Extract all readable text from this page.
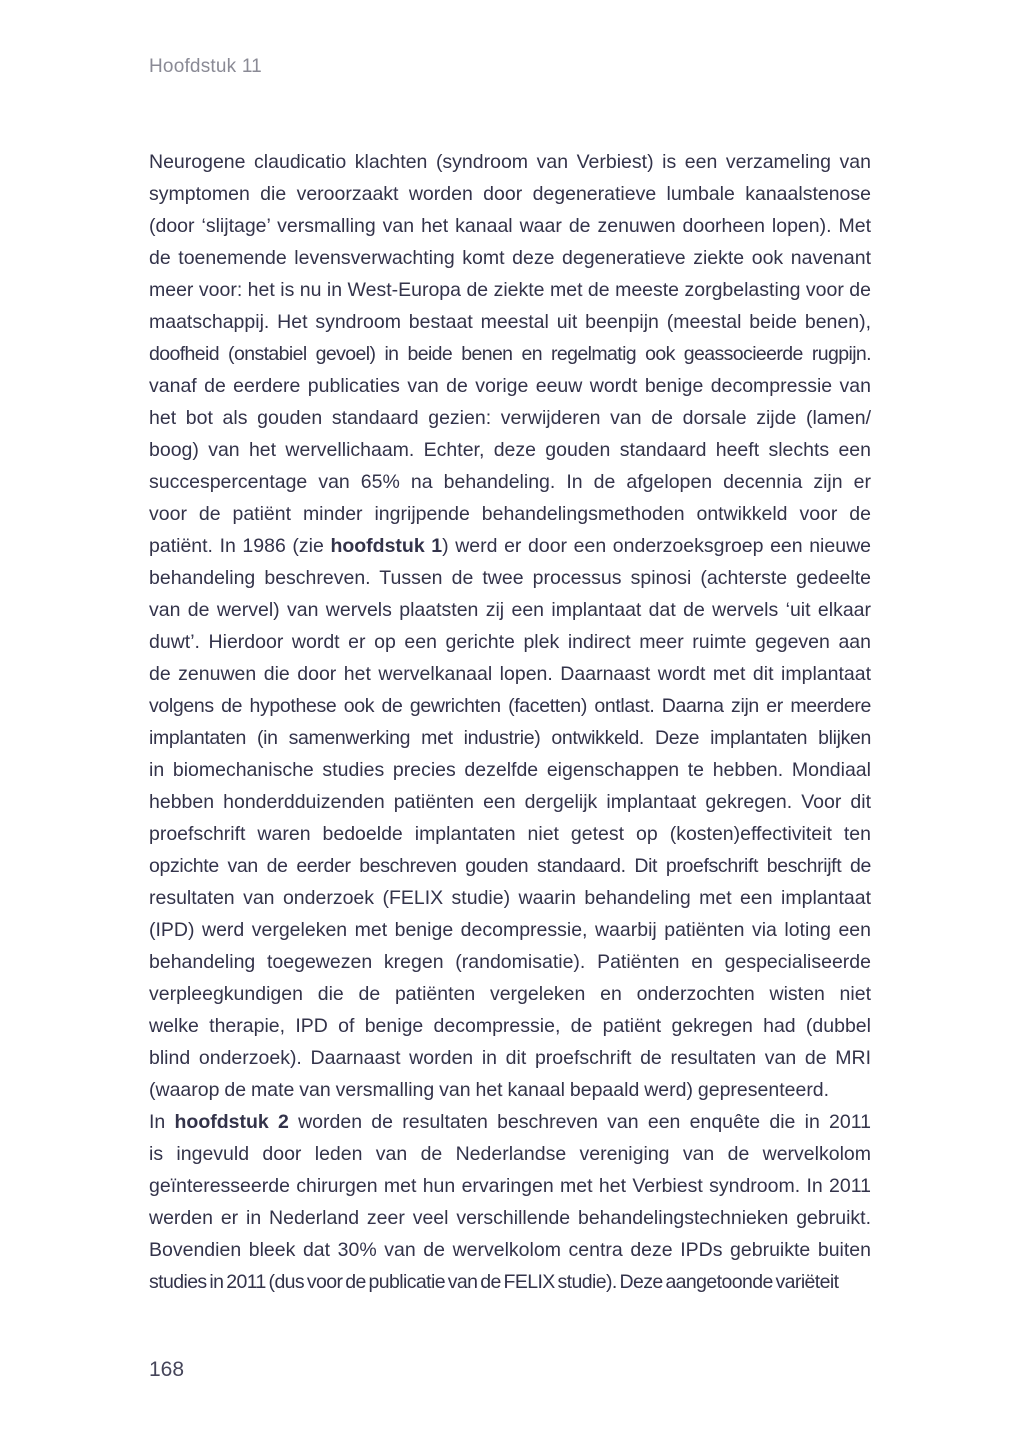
Hoofdstuk 11
Neurogene claudicatio klachten (syndroom van Verbiest) is een verzameling van
symptomen die veroorzaakt worden door degeneratieve lumbale kanaalstenose
(door ‘slijtage’ versmalling van het kanaal waar de zenuwen doorheen lopen). Met
de toenemende levensverwachting komt deze degeneratieve ziekte ook navenant
meer voor: het is nu in West-Europa de ziekte met de meeste zorgbelasting voor de
maatschappij. Het syndroom bestaat meestal uit beenpijn (meestal beide benen),
doofheid (onstabiel gevoel) in beide benen en regelmatig ook geassocieerde rugpijn.
vanaf de eerdere publicaties van de vorige eeuw wordt benige decompressie van
het bot als gouden standaard gezien: verwijderen van de dorsale zijde (lamen/
boog) van het wervellichaam. Echter, deze gouden standaard heeft slechts een
succespercentage van 65% na behandeling. In de afgelopen decennia zijn er
voor de patiënt minder ingrijpende behandelingsmethoden ontwikkeld voor de
patiënt. In 1986 (zie hoofdstuk 1) werd er door een onderzoeksgroep een nieuwe
behandeling beschreven. Tussen de twee processus spinosi (achterste gedeelte
van de wervel) van wervels plaatsten zij een implantaat dat de wervels ‘uit elkaar
duwt’. Hierdoor wordt er op een gerichte plek indirect meer ruimte gegeven aan
de zenuwen die door het wervelkanaal lopen. Daarnaast wordt met dit implantaat
volgens de hypothese ook de gewrichten (facetten) ontlast. Daarna zijn er meerdere
implantaten (in samenwerking met industrie) ontwikkeld. Deze implantaten blijken
in biomechanische studies precies dezelfde eigenschappen te hebben. Mondiaal
hebben honderdduizenden patiënten een dergelijk implantaat gekregen. Voor dit
proefschrift waren bedoelde implantaten niet getest op (kosten)effectiviteit ten
opzichte van de eerder beschreven gouden standaard. Dit proefschrift beschrijft de
resultaten van onderzoek (FELIX studie) waarin behandeling met een implantaat
(IPD) werd vergeleken met benige decompressie, waarbij patiënten via loting een
behandeling toegewezen kregen (randomisatie). Patiënten en gespecialiseerde
verpleegkundigen die de patiënten vergeleken en onderzochten wisten niet
welke therapie, IPD of benige decompressie, de patiënt gekregen had (dubbel
blind onderzoek). Daarnaast worden in dit proefschrift de resultaten van de MRI
(waarop de mate van versmalling van het kanaal bepaald werd) gepresenteerd.
In hoofdstuk 2 worden de resultaten beschreven van een enquête die in 2011
is ingevuld door leden van de Nederlandse vereniging van de wervelkolom
geïnteresseerde chirurgen met hun ervaringen met het Verbiest syndroom. In 2011
werden er in Nederland zeer veel verschillende behandelingstechnieken gebruikt.
Bovendien bleek dat 30% van de wervelkolom centra deze IPDs gebruikte buiten
studies in 2011 (dus voor de publicatie van de FELIX studie). Deze aangetoonde variëteit
168
